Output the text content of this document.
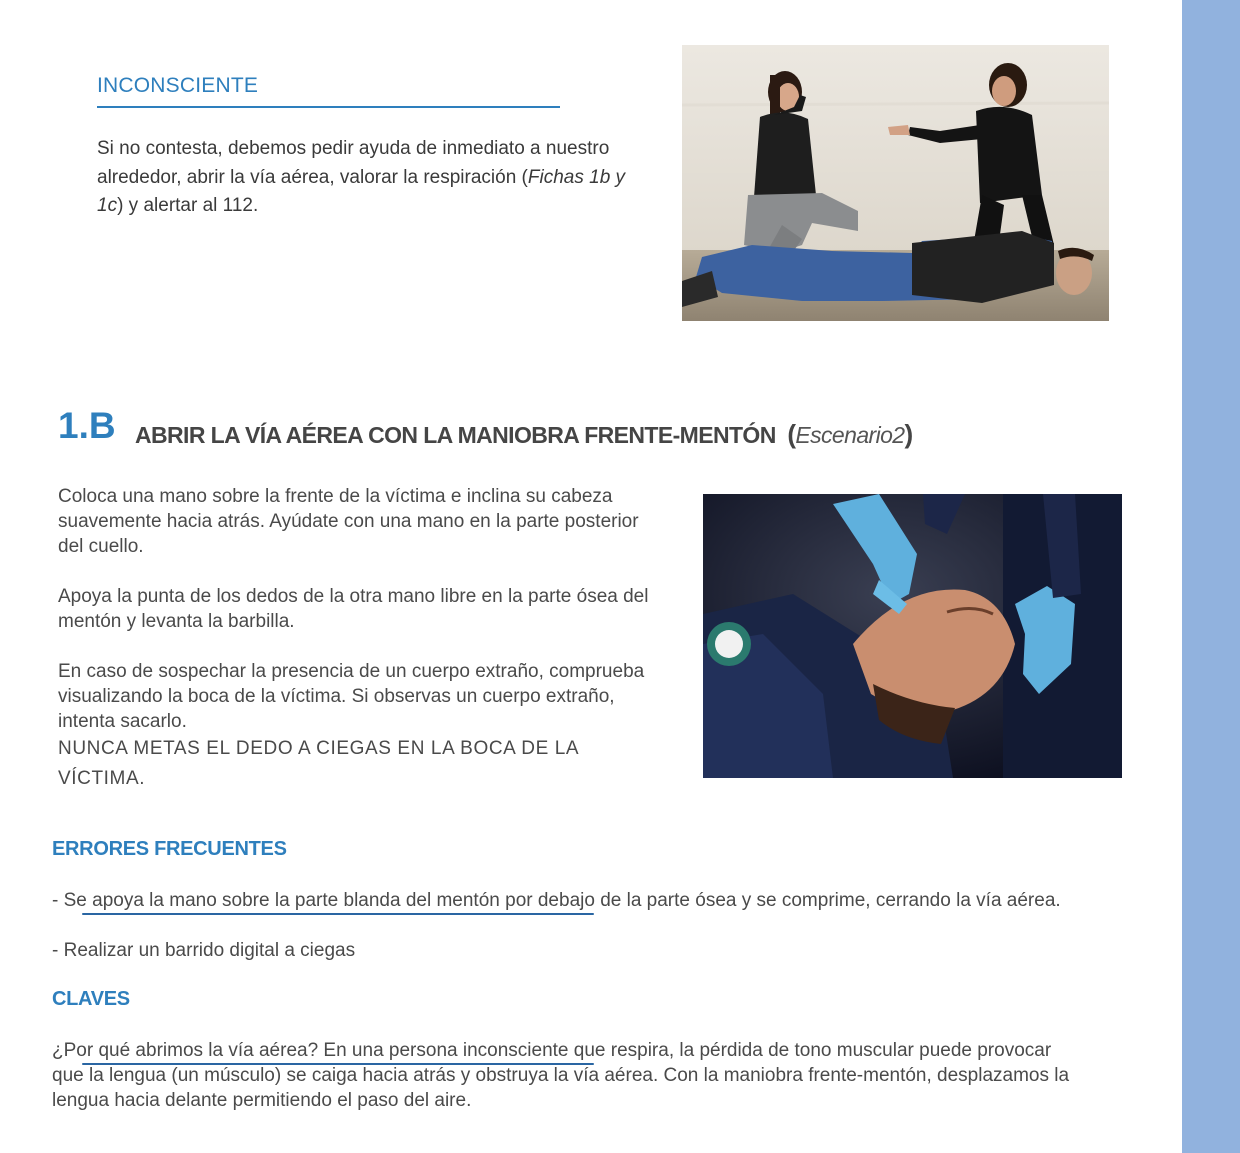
INCONSCIENTE
Si no contesta, debemos pedir ayuda de inmediato a nuestro alrededor, abrir la vía aérea, valorar la respiración (Fichas 1b y 1c) y alertar al 112.
1.B ABRIR LA VÍA AÉREA CON LA MANIOBRA FRENTE-MENTÓN (Escenario2)
Coloca una mano sobre la frente de la víctima e inclina su cabeza suavemente hacia atrás. Ayúdate con una mano en la parte posterior del cuello.
Apoya la punta de los dedos de la otra mano libre en la parte ósea del mentón y levanta la barbilla.
En caso de sospechar la presencia de un cuerpo extraño, comprueba visualizando la boca de la víctima. Si observas un cuerpo extraño, intenta sacarlo.
NUNCA METAS EL DEDO A CIEGAS EN LA BOCA DE LA VÍCTIMA.
ERRORES FRECUENTES
- Se apoya la mano sobre la parte blanda del mentón por debajo de la parte ósea y se comprime, cerrando la vía aérea.
- Realizar un barrido digital a ciegas
CLAVES
¿Por qué abrimos la vía aérea? En una persona inconsciente que respira, la pérdida de tono muscular puede provocar que la lengua (un músculo) se caiga hacia atrás y obstruya la vía aérea. Con la maniobra frente-mentón, desplazamos la lengua hacia delante permitiendo el paso del aire.
